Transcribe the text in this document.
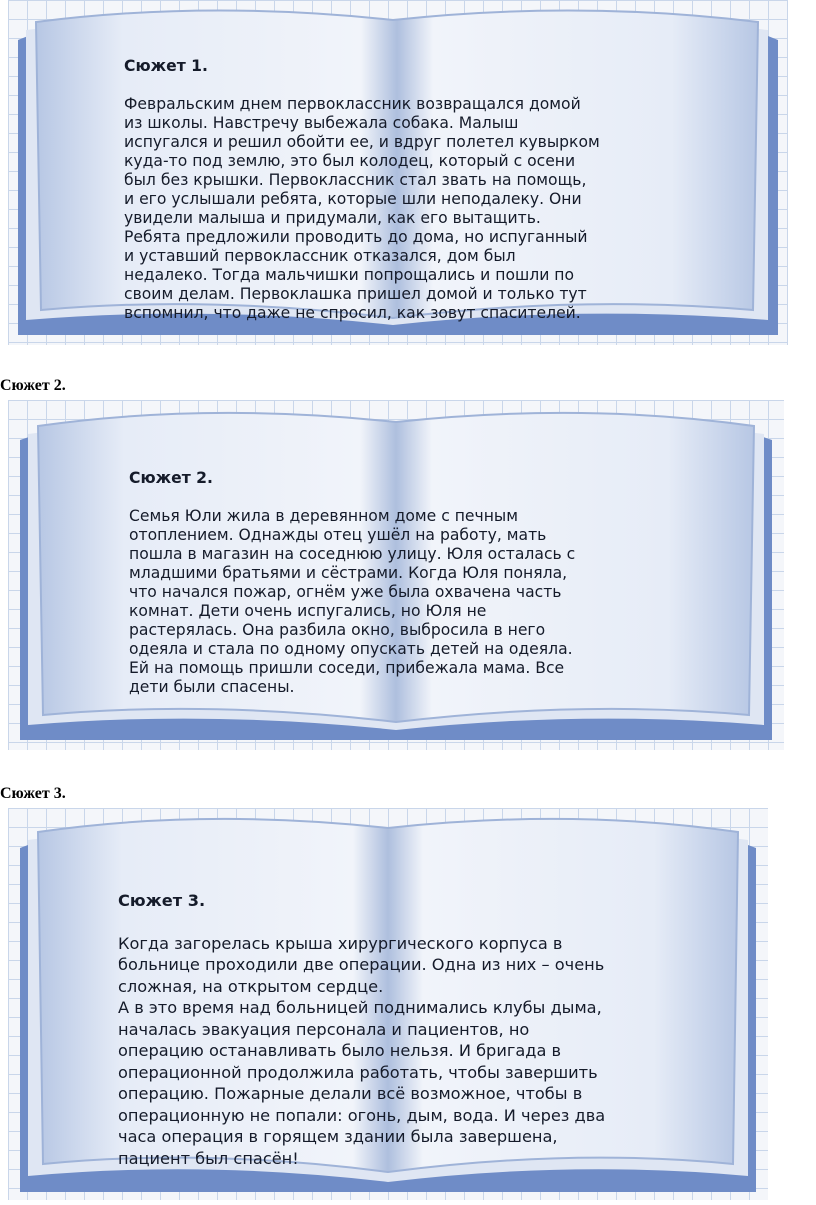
Сюжет 1.

Февральским днем первоклассник возвращался домой
из школы. Навстречу выбежала собака. Малыш
испугался и решил обойти ее, и вдруг полетел кувырком
куда-то под землю, это был колодец, который с осени
был без крышки. Первоклассник стал звать на помощь,
и его услышали ребята, которые шли неподалеку. Они
увидели малыша и придумали, как его вытащить.
Ребята предложили проводить до дома, но испуганный
и уставший первоклассник отказался, дом был
недалеко. Тогда мальчишки попрощались и пошли по
своим делам. Первоклашка пришел домой и только тут
вспомнил, что даже не спросил, как зовут спасителей.

Сюжет 2.

Сюжет 2.

Семья Юли жила в деревянном доме с печным
отоплением. Однажды отец ушёл на работу, мать
пошла в магазин на соседнюю улицу. Юля осталась с
младшими братьями и сёстрами. Когда Юля поняла,
что начался пожар, огнём уже была охвачена часть
комнат. Дети очень испугались, но Юля не
растерялась. Она разбила окно, выбросила в него
одеяла и стала по одному опускать детей на одеяла.
Ей на помощь пришли соседи, прибежала мама. Все
дети были спасены.

Сюжет 3.

Сюжет 3.

Когда загорелась крыша хирургического корпуса в
больнице проходили две операции. Одна из них – очень
сложная, на открытом сердце.
А в это время над больницей поднимались клубы дыма,
началась эвакуация персонала и пациентов, но
операцию останавливать было нельзя. И бригада в
операционной продолжила работать, чтобы завершить
операцию. Пожарные делали всё возможное, чтобы в
операционную не попали: огонь, дым, вода. И через два
часа операция в горящем здании была завершена,
пациент был спасён!
